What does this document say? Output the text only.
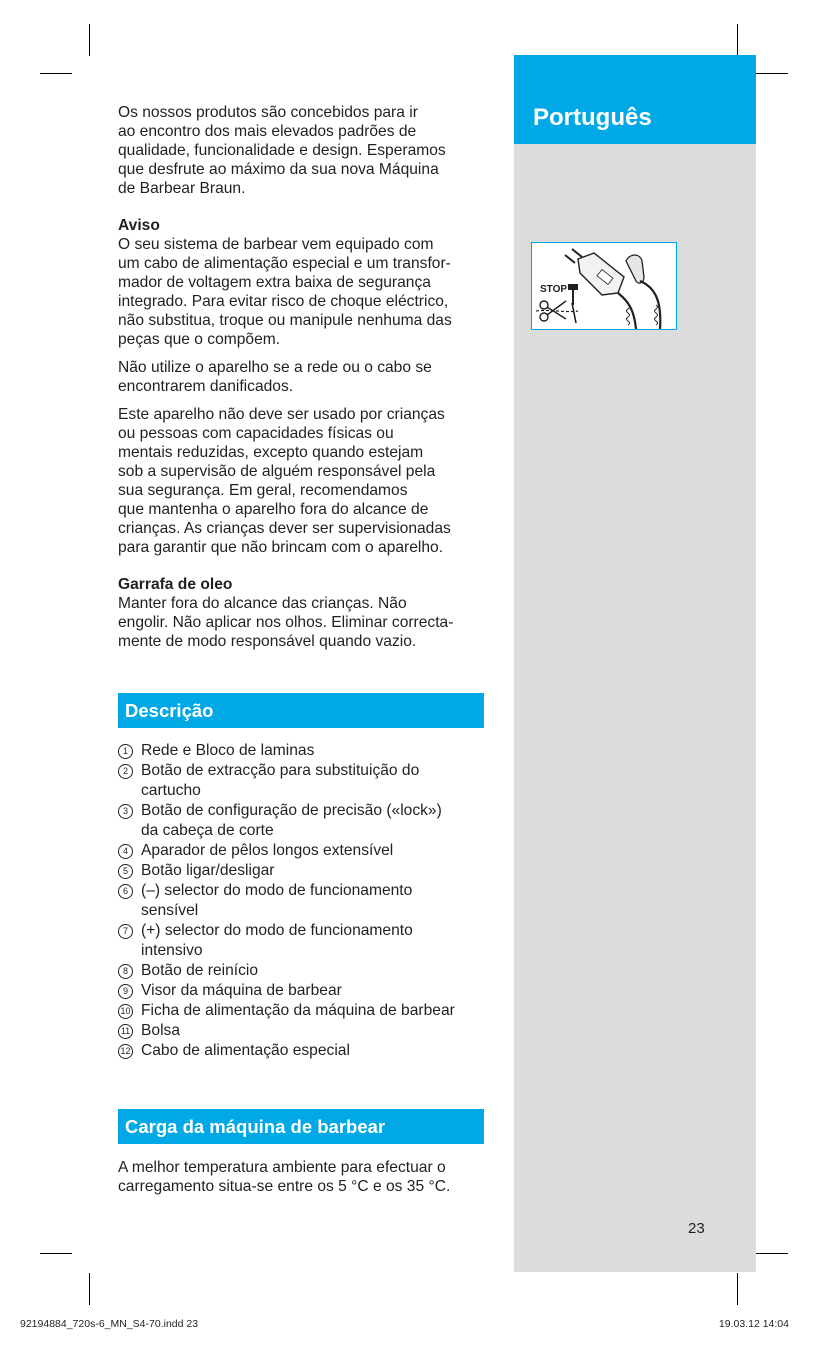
Português
STOP
23

Os nossos produtos são concebidos para ir
ao encontro dos mais elevados padrões de
qualidade, funcionalidade e design. Esperamos
que desfrute ao máximo da sua nova Máquina
de Barbear Braun.

Aviso

O seu sistema de barbear vem equipado com
um cabo de alimentação especial e um transfor-
mador de voltagem extra baixa de segurança
integrado. Para evitar risco de choque eléctrico,
não substitua, troque ou manipule nenhuma das
peças que o compõem.

Não utilize o aparelho se a rede ou o cabo se
encontrarem danificados.

Este aparelho não deve ser usado por crianças
ou pessoas com capacidades físicas ou
mentais reduzidas, excepto quando estejam
sob a supervisão de alguém responsável pela
sua segurança. Em geral, recomendamos
que mantenha o aparelho fora do alcance de
crianças. As crianças dever ser supervisionadas
para garantir que não brincam com o aparelho.

Garrafa de oleo

Manter fora do alcance das crianças. Não
engolir. Não aplicar nos olhos. Eliminar correcta-
mente de modo responsável quando vazio.

Descrição
1 Rede e Bloco de laminas
2 Botão de extracção para substituição do
cartucho
3 Botão de configuração de precisão («lock»)
da cabeça de corte
4 Aparador de pêlos longos extensível
5 Botão ligar/desligar
6 (–) selector do modo de funcionamento
sensível
7 (+) selector do modo de funcionamento
intensivo
8 Botão de reinício
9 Visor da máquina de barbear
10 Ficha de alimentação da máquina de barbear
11 Bolsa
12 Cabo de alimentação especial
Carga da máquina de barbear

A melhor temperatura ambiente para efectuar o
carregamento situa-se entre os 5 °C e os 35 °C.

92194884_720s-6_MN_S4-70.indd 23	19.03.12 14:04
